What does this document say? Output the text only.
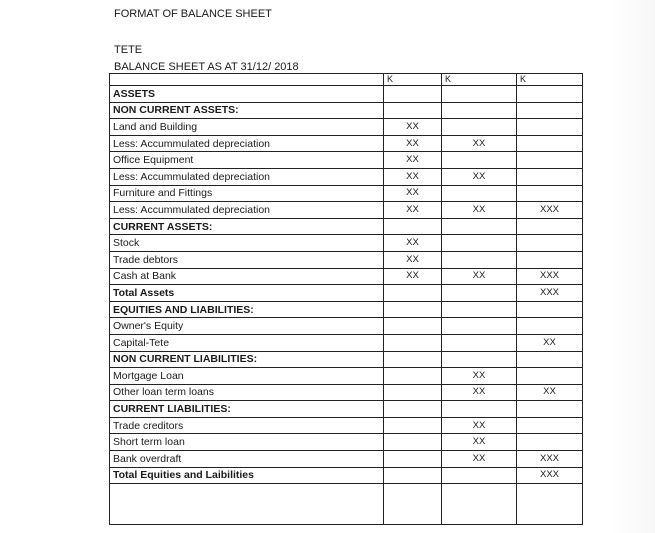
FORMAT OF BALANCE SHEET
TETE
BALANCE SHEET AS AT 31/12/ 2018
	K	K	K
ASSETS			
NON CURRENT ASSETS:			
Land and Building	XX		
Less: Accummulated depreciation	XX	XX	
Office Equipment	XX		
Less: Accummulated depreciation	XX	XX	
Furniture and Fittings	XX		
Less: Accummulated depreciation	XX	XX	XXX
CURRENT ASSETS:			
Stock	XX		
Trade debtors	XX		
Cash at Bank	XX	XX	XXX
Total Assets			XXX
EQUITIES AND LIABILITIES:			
Owner's Equity			
Capital-Tete			XX
NON CURRENT LIABILITIES:			
Mortgage Loan		XX	
Other loan term loans		XX	XX
CURRENT LIABILITIES:			
Trade creditors		XX	
Short term loan		XX	
Bank overdraft		XX	XXX
Total Equities and Laibilities			XXX
